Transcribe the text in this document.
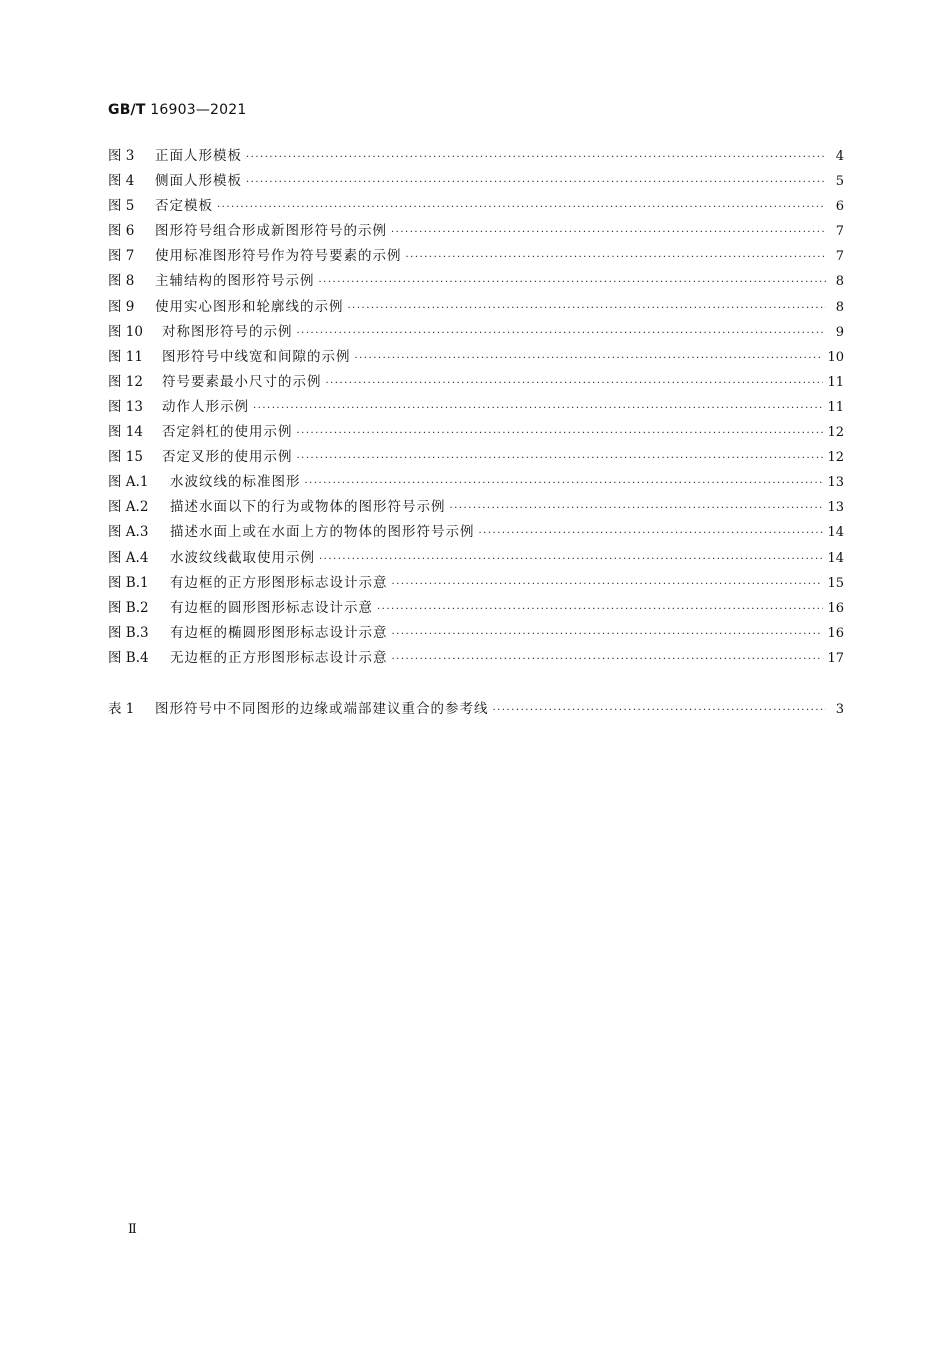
GB/T 16903—2021
图 3	正面人形模板 ·····	4
图 4	侧面人形模板 ·····	5
图 5	否定模板 ·····	6
图 6	图形符号组合形成新图形符号的示例 ·····	7
图 7	使用标准图形符号作为符号要素的示例 ·····	7
图 8	主辅结构的图形符号示例 ·····	8
图 9	使用实心图形和轮廓线的示例 ·····	8
图 10	对称图形符号的示例 ·····	9
图 11	图形符号中线宽和间隙的示例 ·····	10
图 12	符号要素最小尺寸的示例 ·····	11
图 13	动作人形示例 ·····	11
图 14	否定斜杠的使用示例 ·····	12
图 15	否定叉形的使用示例 ·····	12
图 A.1	水波纹线的标准图形 ·····	13
图 A.2	描述水面以下的行为或物体的图形符号示例 ·····	13
图 A.3	描述水面上或在水面上方的物体的图形符号示例 ·····	14
图 A.4	水波纹线截取使用示例 ·····	14
图 B.1	有边框的正方形图形标志设计示意 ·····	15
图 B.2	有边框的圆形图形标志设计示意 ·····	16
图 B.3	有边框的椭圆形图形标志设计示意 ·····	16
图 B.4	无边框的正方形图形标志设计示意 ·····	17
表 1	图形符号中不同图形的边缘或端部建议重合的参考线 ·····	3
Ⅱ
